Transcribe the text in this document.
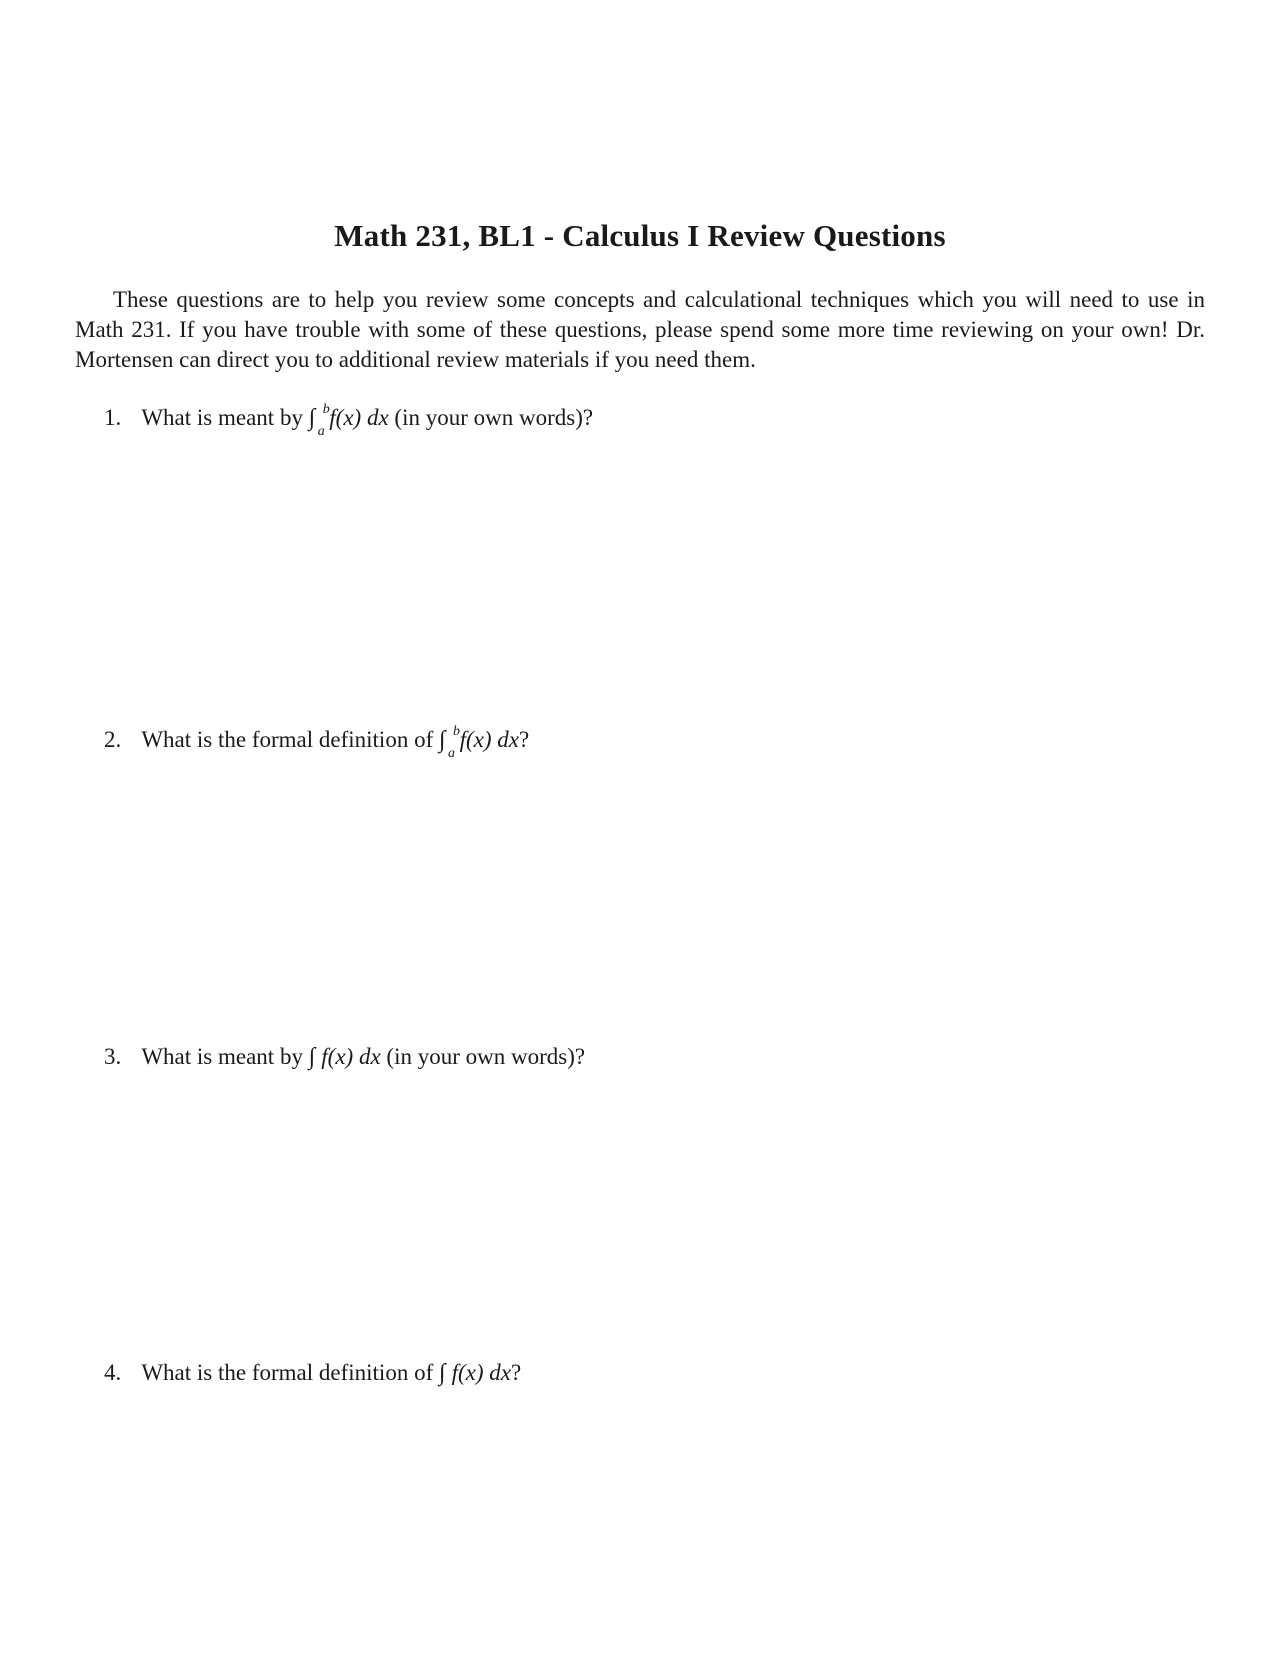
Math 231, BL1 - Calculus I Review Questions

These questions are to help you review some concepts and calculational techniques which you will need to use in Math 231. If you have trouble with some of these questions, please spend some more time reviewing on your own! Dr. Mortensen can direct you to additional review materials if you need them.

1. What is meant by ∫ b
a
f(x) dx (in your own words)?
2. What is the formal definition of ∫ b
a
f(x) dx?
3. What is meant by ∫ f(x) dx (in your own words)?
4. What is the formal definition of ∫ f(x) dx?
